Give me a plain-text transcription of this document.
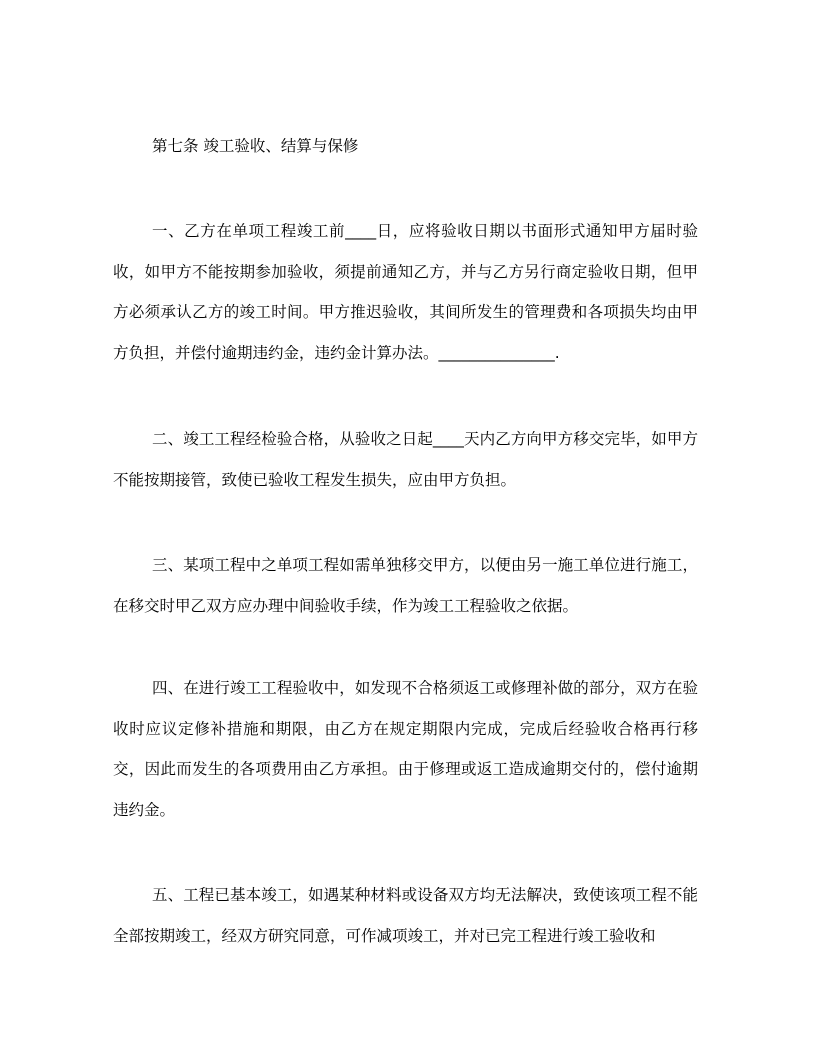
第七条 竣工验收、结算与保修

一、乙方在单项工程竣工前____日，应将验收日期以书面形式通知甲方届时验收，如甲方不能按期参加验收，须提前通知乙方，并与乙方另行商定验收日期，但甲方必须承认乙方的竣工时间。甲方推迟验收，其间所发生的管理费和各项损失均由甲方负担，并偿付逾期违约金，违约金计算办法。_______________.

二、竣工工程经检验合格，从验收之日起____天内乙方向甲方移交完毕，如甲方不能按期接管，致使已验收工程发生损失，应由甲方负担。

三、某项工程中之单项工程如需单独移交甲方，以便由另一施工单位进行施工，在移交时甲乙双方应办理中间验收手续，作为竣工工程验收之依据。

四、在进行竣工工程验收中，如发现不合格须返工或修理补做的部分，双方在验收时应议定修补措施和期限，由乙方在规定期限内完成，完成后经验收合格再行移交，因此而发生的各项费用由乙方承担。由于修理或返工造成逾期交付的，偿付逾期违约金。

五、工程已基本竣工，如遇某种材料或设备双方均无法解决，致使该项工程不能全部按期竣工，经双方研究同意，可作减项竣工，并对已完工程进行竣工验收和
